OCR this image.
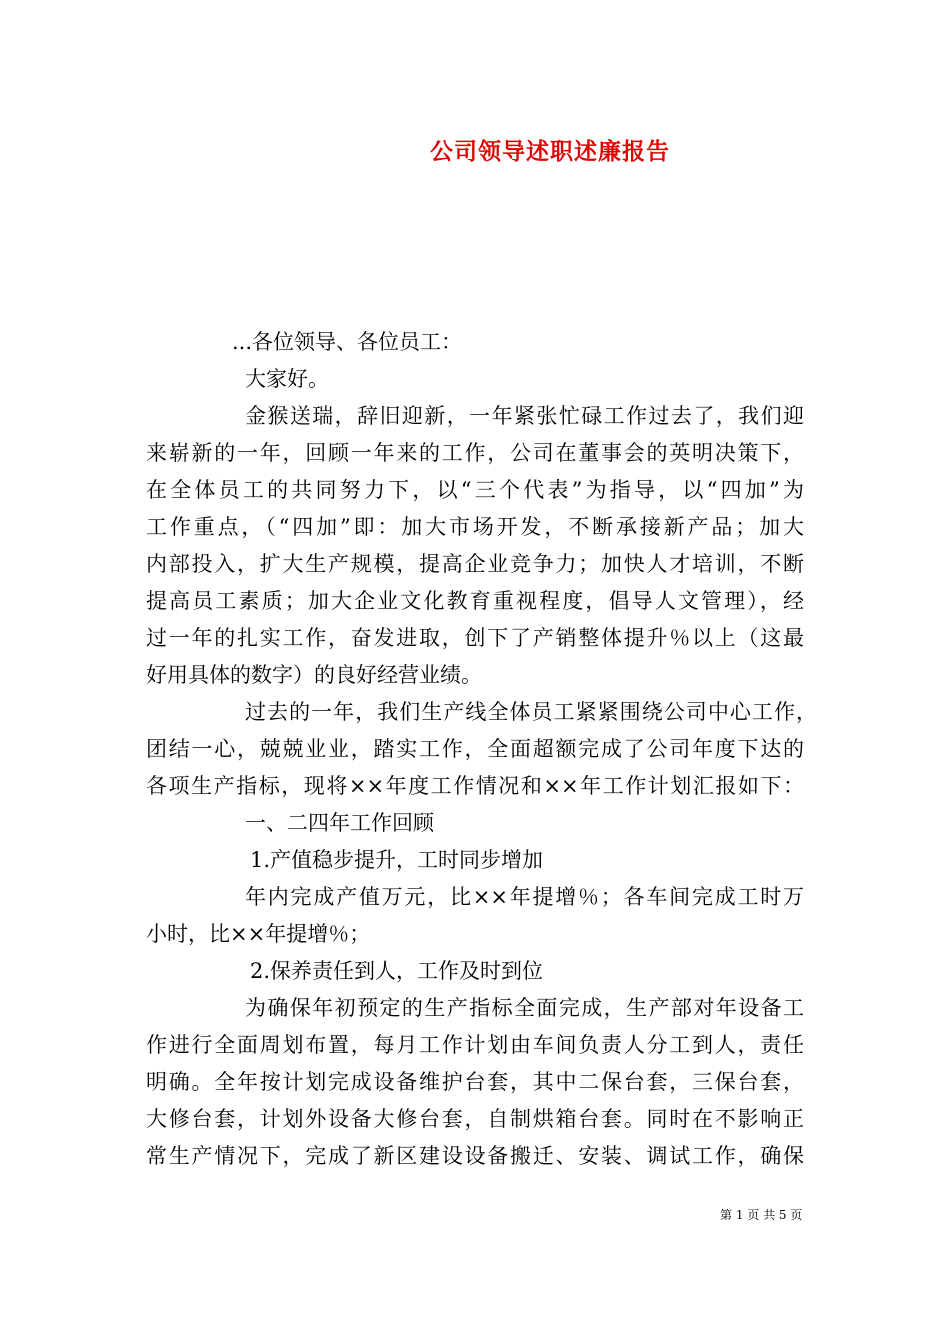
公司领导述职述廉报告
...各位领导、各位员工：
大家好。
金猴送瑞，辞旧迎新，一年紧张忙碌工作过去了，我们迎
来崭新的一年，回顾一年来的工作，公司在董事会的英明决策下，
在全体员工的共同努力下，以“三个代表”为指导，以“四加”为
工作重点，（“四加”即：加大市场开发，不断承接新产品；加大
内部投入，扩大生产规模，提高企业竞争力；加快人才培训，不断
提高员工素质；加大企业文化教育重视程度，倡导人文管理），经
过一年的扎实工作，奋发进取，创下了产销整体提升％以上（这最
好用具体的数字）的良好经营业绩。
过去的一年，我们生产线全体员工紧紧围绕公司中心工作，
团结一心，兢兢业业，踏实工作，全面超额完成了公司年度下达的
各项生产指标，现将××年度工作情况和××年工作计划汇报如下：
一、二四年工作回顾
1.产值稳步提升，工时同步增加
年内完成产值万元，比××年提增％；各车间完成工时万
小时，比××年提增％；
2.保养责任到人，工作及时到位
为确保年初预定的生产指标全面完成，生产部对年设备工
作进行全面周划布置，每月工作计划由车间负责人分工到人，责任
明确。全年按计划完成设备维护台套，其中二保台套，三保台套，
大修台套，计划外设备大修台套，自制烘箱台套。同时在不影响正
常生产情况下，完成了新区建设设备搬迁、安装、调试工作，确保
第 1 页 共 5 页
